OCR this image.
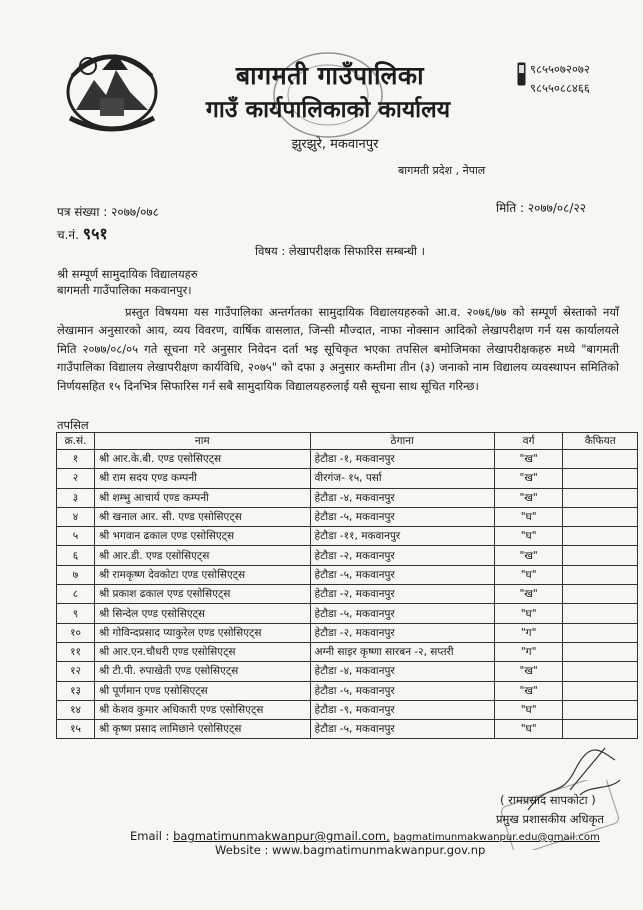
बागमती गाउँपालिका
गाउँ कार्यपालिकाको कार्यालय
झुरझुरे, मकवानपुर
९८५५०७२०७२
९८५५०८८४६६
बागमती प्रदेश , नेपाल
पत्र संख्या : २०७७/०७८	मिति : २०७७/०८/२२
च.नं. ९५१
विषय : लेखापरीक्षक सिफारिस सम्बन्धी ।
श्री सम्पूर्ण सामुदायिक विद्यालयहरु
बागमती गाउँपालिका मकवानपुर।
प्रस्तुत विषयमा यस गाउँपालिका अन्तर्गतका सामुदायिक विद्यालयहरुको आ.व. २०७६/७७ को सम्पूर्ण स्रेस्ताको नयाँ लेखामान अनुसारको आय, व्यय विवरण, वार्षिक वासलात, जिन्सी मौज्दात, नाफा नोक्सान आदिको लेखापरीक्षण गर्न यस कार्यालयले मिति २०७७/०८/०५ गते सूचना गरे अनुसार निवेदन दर्ता भइ सूचिकृत भएका तपसिल बमोजिमका लेखापरीक्षकहरु मध्ये "बागमती गाउँपालिका विद्यालय लेखापरीक्षण कार्यविधि, २०७५" को दफा ३ अनुसार कम्तीमा तीन (३) जनाको नाम विद्यालय व्यवस्थापन समितिको निर्णयसहित १५ दिनभित्र सिफारिस गर्न सबै सामुदायिक विद्यालयहरुलाई यसै सूचना साथ सूचित गरिन्छ।
तपसिल
क्र.सं.	नाम	ठेगाना	वर्ग	कैफियत
१	श्री आर.के.बी. एण्ड एसोसिएट्स	हेटौडा -१, मकवानपुर	"ख"	
२	श्री राम सदय एण्ड कम्पनी	वीरगंज- १५, पर्सा	"ख"	
३	श्री शम्भु आचार्य एण्ड कम्पनी	हेटौडा -४, मकवानपुर	"ख"	
४	श्री खनाल आर. सी. एण्ड एसोसिएट्स	हेटौडा -५, मकवानपुर	"घ"	
५	श्री भगवान ढकाल एण्ड एसोसिएट्स	हेटौडा -११, मकवानपुर	"घ"	
६	श्री आर.डी. एण्ड एसोसिएट्स	हेटौडा -२, मकवानपुर	"ख"	
७	श्री रामकृष्ण देवकोटा एण्ड एसोसिएट्स	हेटौडा -५, मकवानपुर	"घ"	
८	श्री प्रकाश ढकाल एण्ड एसोसिएट्स	हेटौडा -२, मकवानपुर	"ख"	
९	श्री सिन्देल एण्ड एसोसिएट्स	हेटौडा -५, मकवानपुर	"घ"	
१०	श्री गोविन्दप्रसाद प्याकुरेल एण्ड एसोसिएट्स	हेटौडा -२, मकवानपुर	"ग"	
११	श्री आर.एन.चौधरी एण्ड एसोसिएट्स	अग्नी साइर कृष्णा सारबन -२, सप्तरी	"ग"	
१२	श्री टी.पी. रुपाखेती एण्ड एसोसिएट्स	हेटौडा -४, मकवानपुर	"ख"	
१३	श्री पूर्णमान एण्ड एसोसिएट्स	हेटौडा -५, मकवानपुर	"ख"	
१४	श्री केशव कुमार अधिकारी एण्ड एसोसिएट्स	हेटौडा -९, मकवानपुर	"घ"	
१५	श्री कृष्ण प्रसाद लामिछाने एसोसिएट्स	हेटौडा -५, मकवानपुर	"घ"	
( रामप्रसाद सापकोटा )
प्रमुख प्रशासकीय अधिकृत
Email : bagmatimunmakwanpur@gmail.com, bagmatimunmakwanpur.edu@gmail.com
Website : www.bagmatimunmakwanpur.gov.np
